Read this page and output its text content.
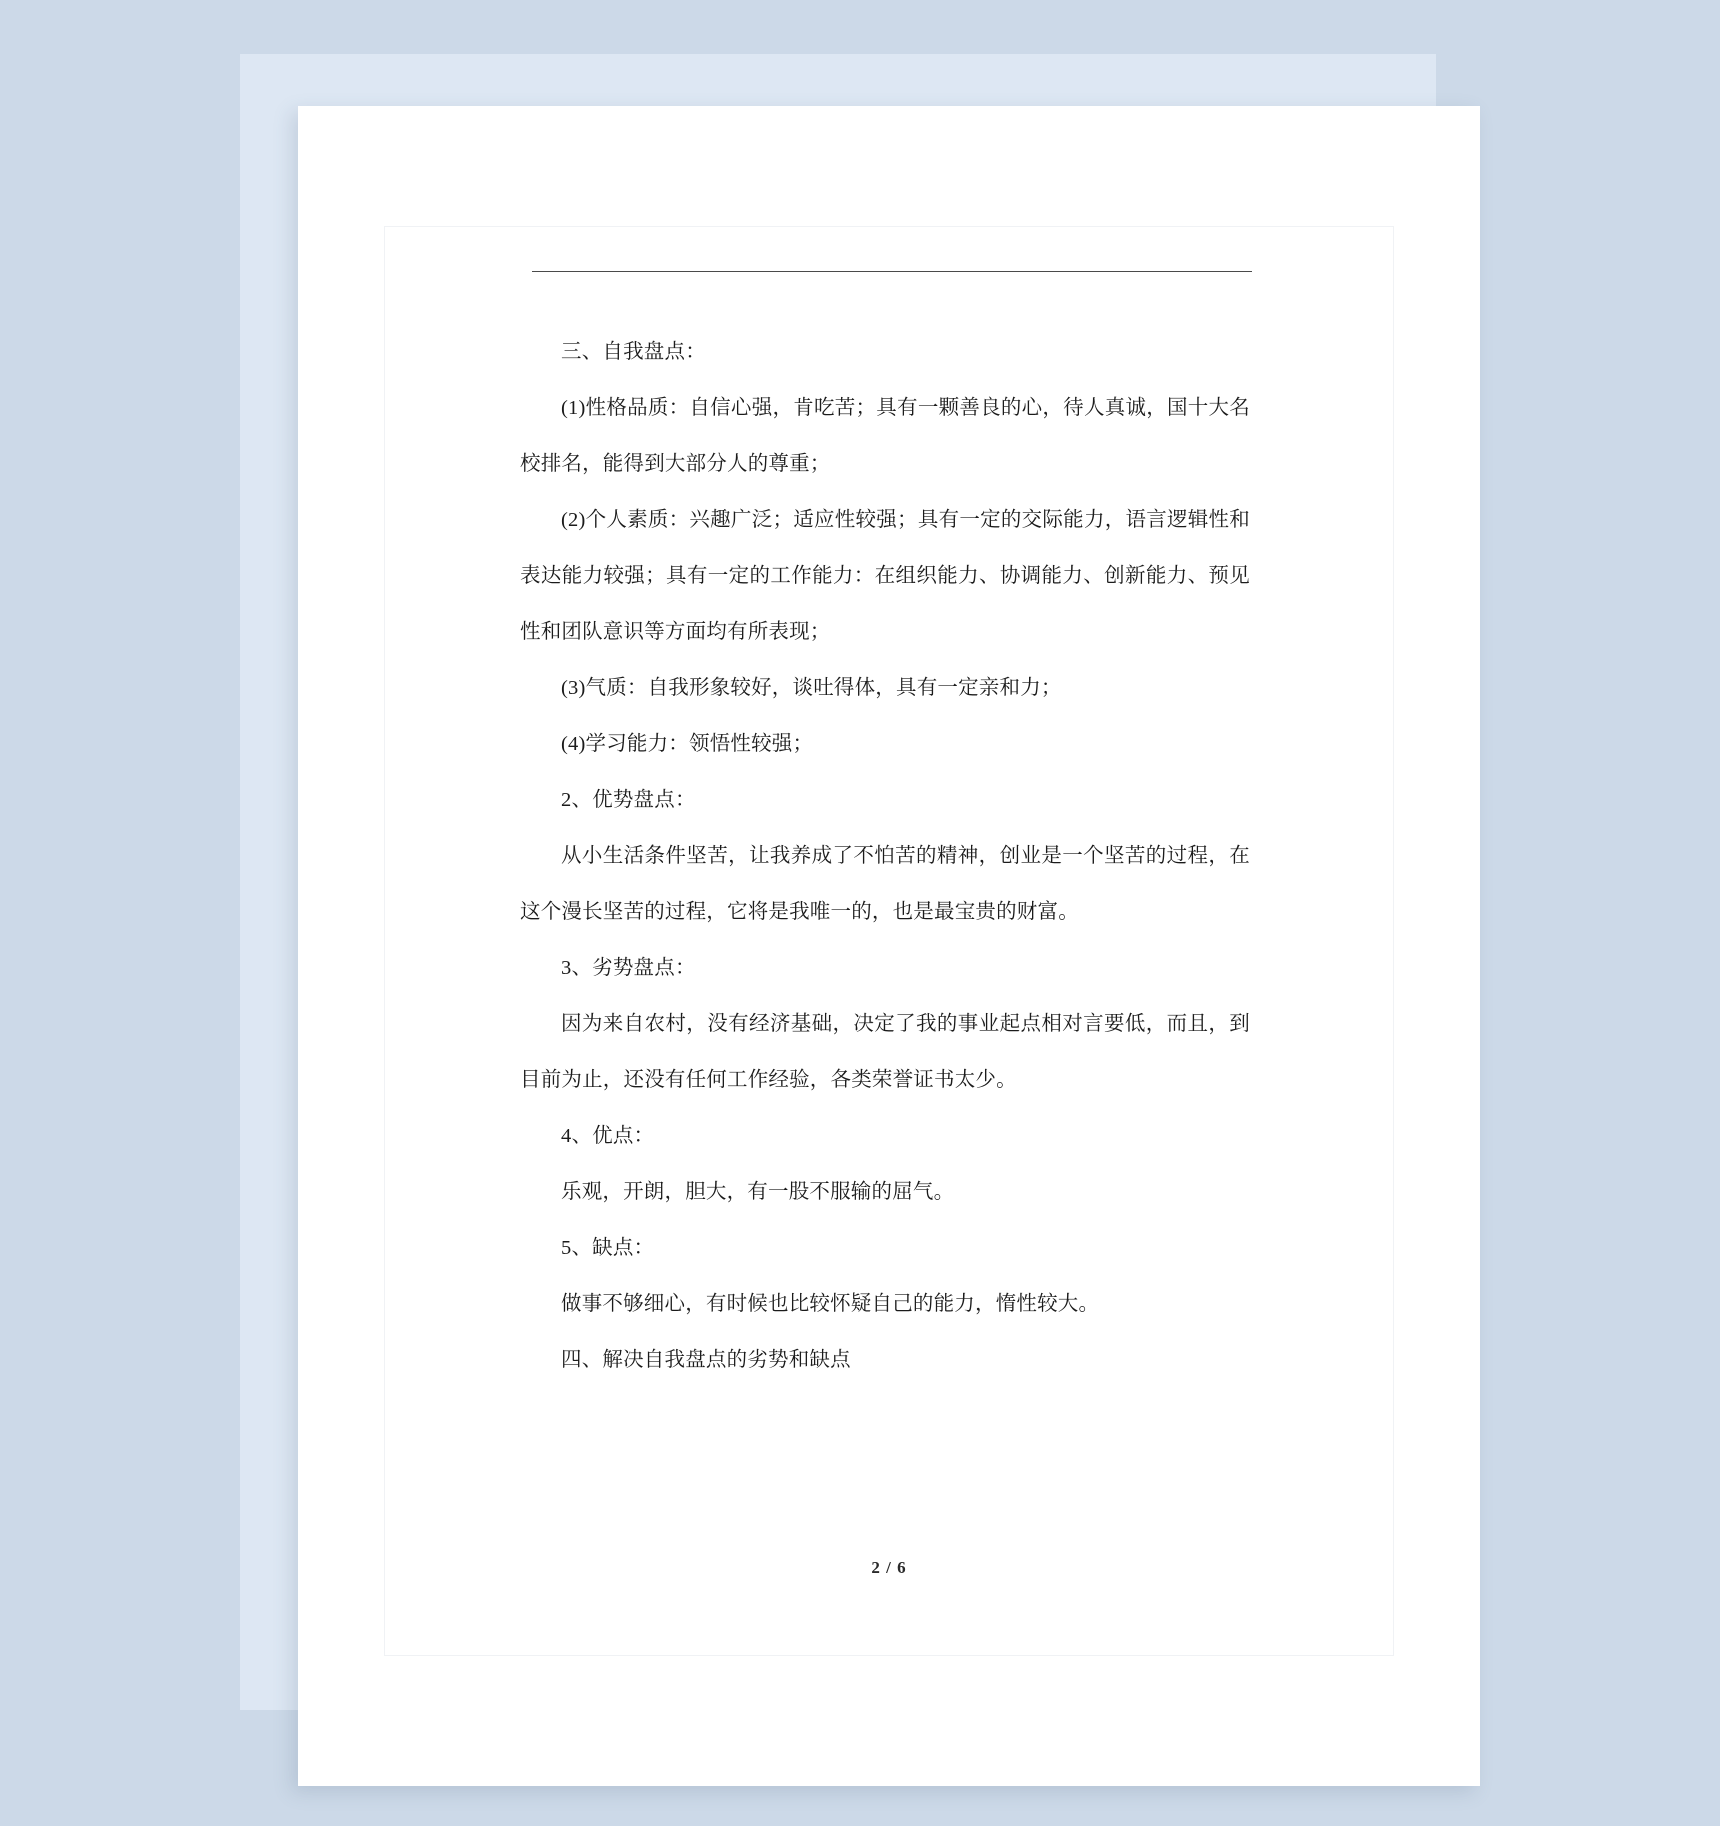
三、自我盘点：

(1)性格品质：自信心强，肯吃苦；具有一颗善良的心，待人真诚，国十大名校排名，能得到大部分人的尊重；

(2)个人素质：兴趣广泛；适应性较强；具有一定的交际能力，语言逻辑性和表达能力较强；具有一定的工作能力：在组织能力、协调能力、创新能力、预见性和团队意识等方面均有所表现；

(3)气质：自我形象较好，谈吐得体，具有一定亲和力；

(4)学习能力：领悟性较强；

2、优势盘点：

从小生活条件坚苦，让我养成了不怕苦的精神，创业是一个坚苦的过程，在这个漫长坚苦的过程，它将是我唯一的，也是最宝贵的财富。

3、劣势盘点：

因为来自农村，没有经济基础，决定了我的事业起点相对言要低，而且，到目前为止，还没有任何工作经验，各类荣誉证书太少。

4、优点：

乐观，开朗，胆大，有一股不服输的屈气。

5、缺点：

做事不够细心，有时候也比较怀疑自己的能力，惰性较大。

四、解决自我盘点的劣势和缺点

2 / 6
